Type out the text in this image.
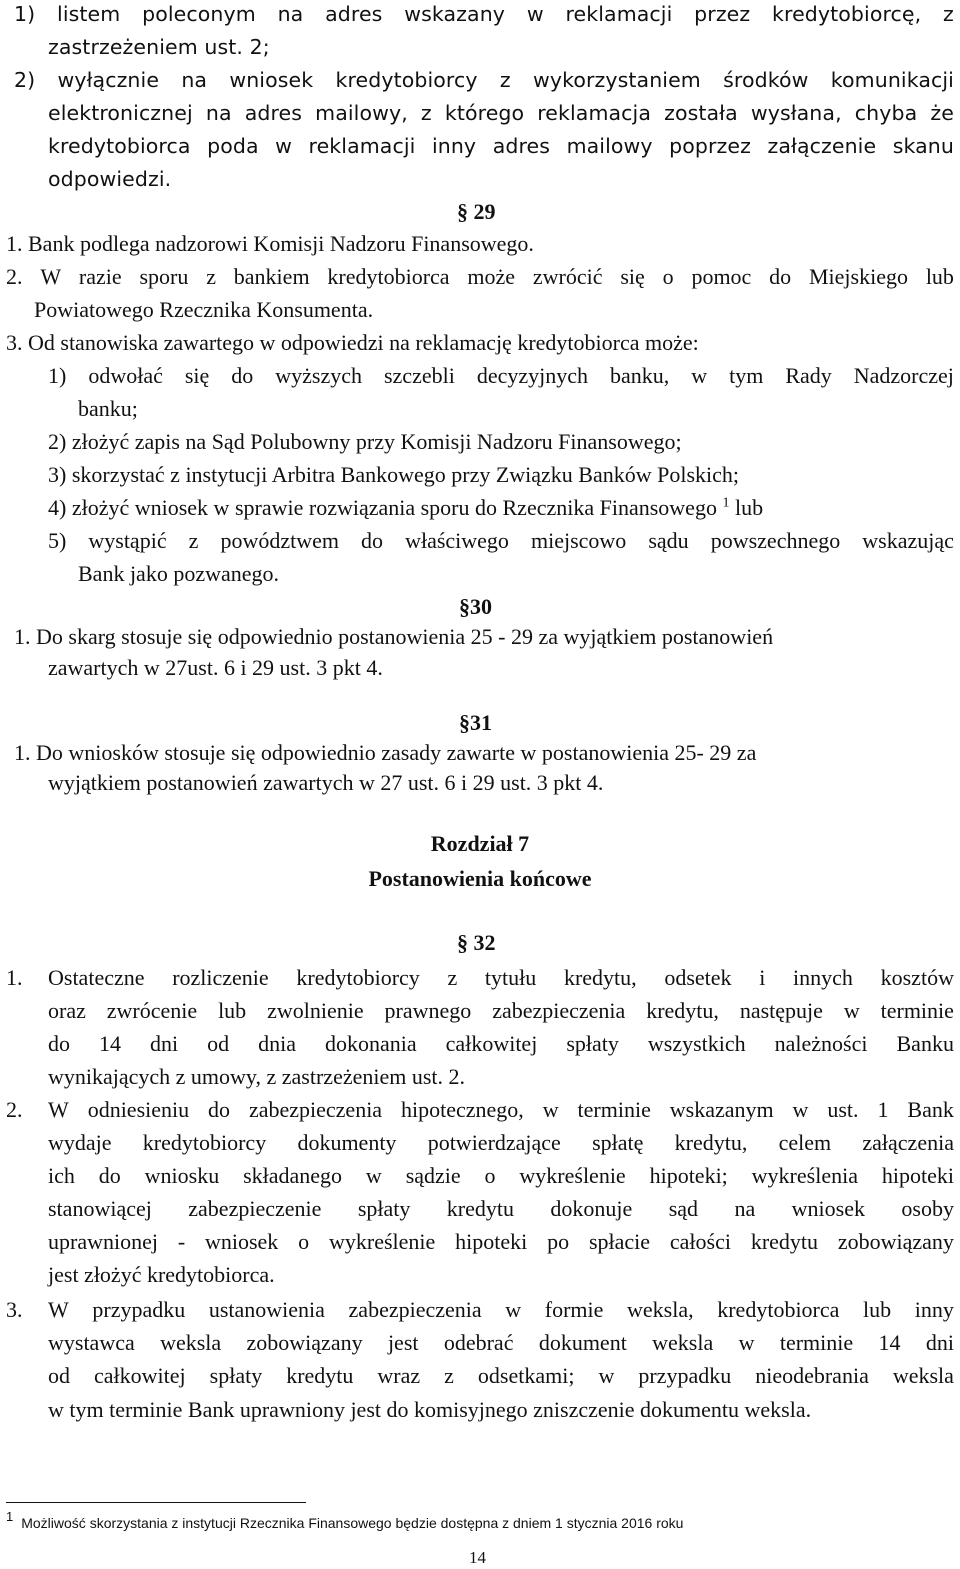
1) listem poleconym na adres wskazany w reklamacji przez kredytobiorcę, z
zastrzeżeniem ust. 2;
2) wyłącznie na wniosek kredytobiorcy z wykorzystaniem środków komunikacji
elektronicznej na adres mailowy, z którego reklamacja została wysłana, chyba że
kredytobiorca poda w reklamacji inny adres mailowy poprzez załączenie skanu
odpowiedzi.
§ 29
1. Bank podlega nadzorowi Komisji Nadzoru Finansowego.
2. W razie sporu z bankiem kredytobiorca może zwrócić się o pomoc do Miejskiego lub
Powiatowego Rzecznika Konsumenta.
3. Od stanowiska zawartego w odpowiedzi na reklamację kredytobiorca może:
1) odwołać się do wyższych szczebli decyzyjnych banku, w tym Rady Nadzorczej
banku;
2) złożyć zapis na Sąd Polubowny przy Komisji Nadzoru Finansowego;
3) skorzystać z instytucji Arbitra Bankowego przy Związku Banków Polskich;
4) złożyć wniosek w sprawie rozwiązania sporu do Rzecznika Finansowego $^1$ lub
5) wystąpić z powództwem do właściwego miejscowo sądu powszechnego wskazując
Bank jako pozwanego.
§30
1. Do skarg stosuje się odpowiednio postanowienia 25 - 29 za wyjątkiem postanowień
zawartych w 27ust. 6 i 29 ust. 3 pkt 4.
§31
1. Do wniosków stosuje się odpowiednio zasady zawarte w postanowienia 25- 29 za
wyjątkiem postanowień zawartych w 27 ust. 6 i 29 ust. 3 pkt 4.
Rozdział 7
Postanowienia końcowe
§ 32
1. Ostateczne rozliczenie kredytobiorcy z tytułu kredytu, odsetek i innych kosztów
oraz zwrócenie lub zwolnienie prawnego zabezpieczenia kredytu, następuje w terminie
do 14 dni od dnia dokonania całkowitej spłaty wszystkich należności Banku
wynikających z umowy, z zastrzeżeniem ust. 2.
2. W odniesieniu do zabezpieczenia hipotecznego, w terminie wskazanym w ust. 1 Bank
wydaje kredytobiorcy dokumenty potwierdzające spłatę kredytu, celem załączenia
ich do wniosku składanego w sądzie o wykreślenie hipoteki; wykreślenia hipoteki
stanowiącej zabezpieczenie spłaty kredytu dokonuje sąd na wniosek osoby
uprawnionej - wniosek o wykreślenie hipoteki po spłacie całości kredytu zobowiązany
jest złożyć kredytobiorca.
3. W przypadku ustanowienia zabezpieczenia w formie weksla, kredytobiorca lub inny
wystawca weksla zobowiązany jest odebrać dokument weksla w terminie 14 dni
od całkowitej spłaty kredytu wraz z odsetkami; w przypadku nieodebrania weksla
w tym terminie Bank uprawniony jest do komisyjnego zniszczenie dokumentu weksla.
1 Możliwość skorzystania z instytucji Rzecznika Finansowego będzie dostępna z dniem 1 stycznia 2016 roku
14
